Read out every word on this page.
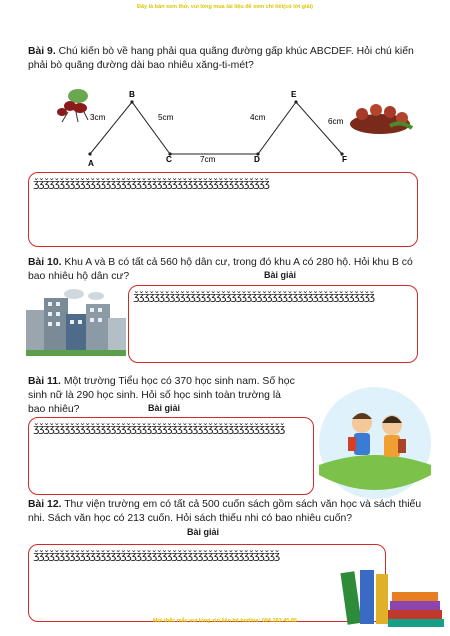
Đây là bản xem thử, vui lòng mua tài liệu để xem chi tiết(có lời giải)
Bài 9. Chú kiến bò về hang phải qua quãng đường gấp khúc ABCDEF. Hỏi chú kiến phải bò quãng đường dài bao nhiêu xăng-ti-mét?
A
B
C	D
E
F
3cm	5cm
7cm
4cm	6cm
ǯǯǯǯǯǯǯǯǯǯǯǯǯǯǯǯǯǯǯǯǯǯǯǯǯǯǯǯǯǯǯǯǯǯǯǯǯǯǯǯǯǯǯǯǯǯ
Bài 10. Khu A và B có tất cả 560 hộ dân cư, trong đó khu A có 280 hộ. Hỏi khu B có bao nhiêu hộ dân cư?	Bài giải
ǯǯǯǯǯǯǯǯǯǯǯǯǯǯǯǯǯǯǯǯǯǯǯǯǯǯǯǯǯǯǯǯǯǯǯǯǯǯǯǯǯǯǯǯǯǯǯ
Bài 11. Một trường Tiểu học có 370 học sinh nam. Số học sinh nữ là 290 học sinh. Hỏi số học sinh toàn trường là bao nhiêu?	Bài giải
ǯǯǯǯǯǯǯǯǯǯǯǯǯǯǯǯǯǯǯǯǯǯǯǯǯǯǯǯǯǯǯǯǯǯǯǯǯǯǯǯǯǯǯǯǯǯǯǯǯ
Bài 12. Thư viện trường em có tất cả 500 cuốn sách gồm sách văn học và sách thiếu nhi. Sách văn học có 213 cuốn. Hỏi sách thiếu nhi có bao nhiêu cuốn?
Bài giải
ǯǯǯǯǯǯǯǯǯǯǯǯǯǯǯǯǯǯǯǯǯǯǯǯǯǯǯǯǯǯǯǯǯǯǯǯǯǯǯǯǯǯǯǯǯǯǯǯ
Mọi thắc mắc vui lòng xin liên hệ hotline: 084.283.45.85
